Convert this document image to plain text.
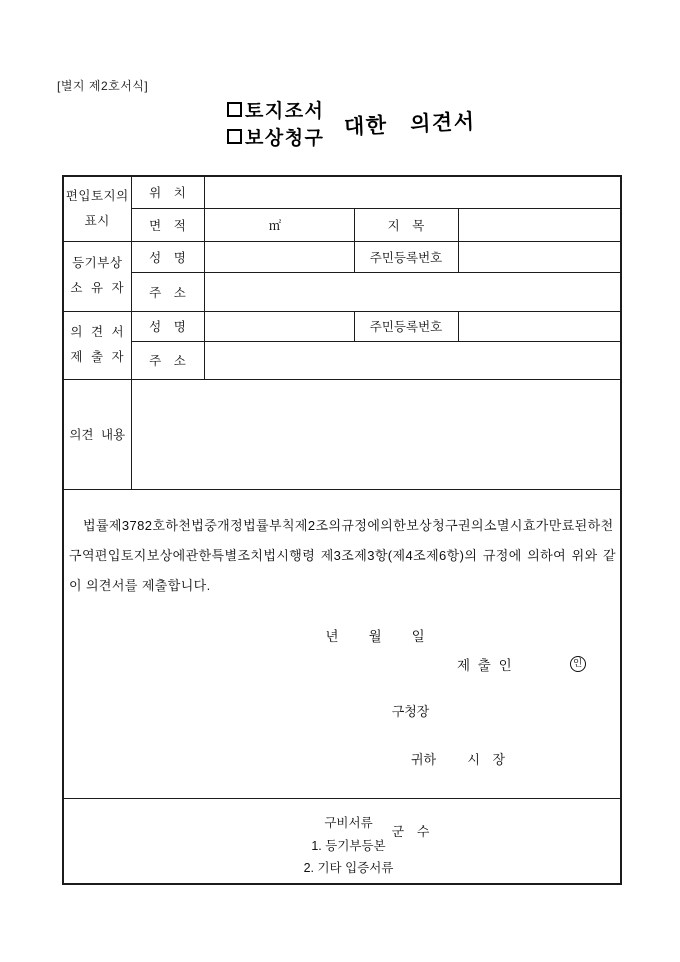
[별지 제2호서식]
토지조서
보상청구 대한  의견서
편입토지의
표시	위　치			
	면　적	㎡	지　목	

등기부상
소 유 자	성　명		주민등록번호	
	주　소			

의 견 서
제 출 자	성　명		주민등록번호	
	주　소			
의견 내용				

법률제3782호하천법중개정법률부칙제2조의규정에의한보상청구권의소멸시효가만료된하천구역편입토지보상에관한특별조치법시행령 제3조제3항(제4조제6항)의 규정에 의하여 위와 같이 의견서를 제출합니다.

년 월 일

제 출 인	인
구청장

시 장

귀하

군 수

구비서류
1. 등기부등본
2. 기타 입증서류				
